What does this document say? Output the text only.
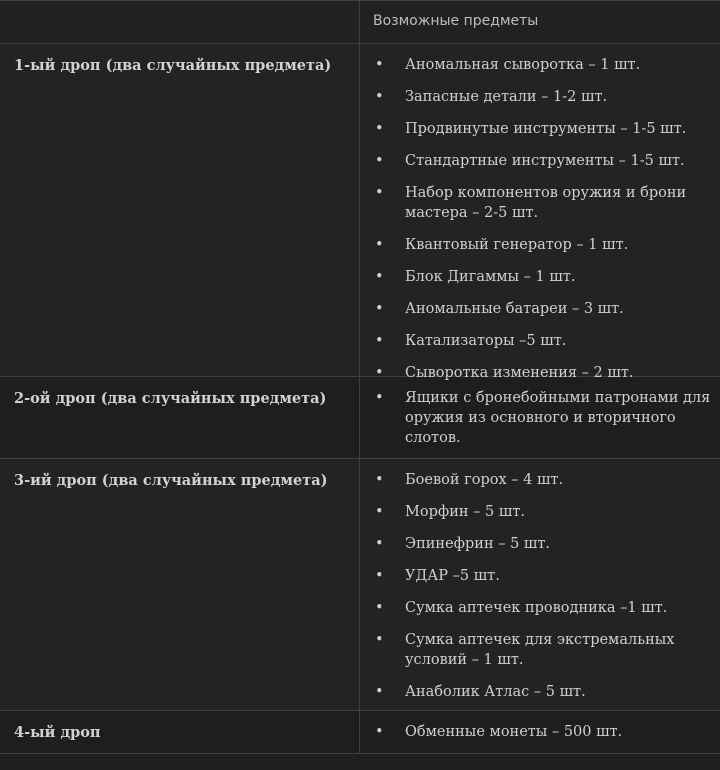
Возможные предметы
1-ый дроп (два случайных предмета)	• Аномальная сыворотка – 1 шт.
• Запасные детали – 1-2 шт.
• Продвинутые инструменты – 1-5 шт.
• Стандартные инструменты – 1-5 шт.
• Набор компонентов оружия и брони мастера – 2-5 шт.
• Квантовый генератор – 1 шт.
• Блок Дигаммы – 1 шт.
• Аномальные батареи – 3 шт.
• Катализаторы –5 шт.
• Сыворотка изменения – 2 шт.
2-ой дроп (два случайных предмета)	• Ящики с бронебойными патронами для оружия из основного и вторичного слотов.
3-ий дроп (два случайных предмета)	• Боевой горох – 4 шт.
• Морфин – 5 шт.
• Эпинефрин – 5 шт.
• УДАР –5 шт.
• Сумка аптечек проводника –1 шт.
• Сумка аптечек для экстремальных условий – 1 шт.
• Анаболик Атлас – 5 шт.
4-ый дроп	• Обменные монеты – 500 шт.
